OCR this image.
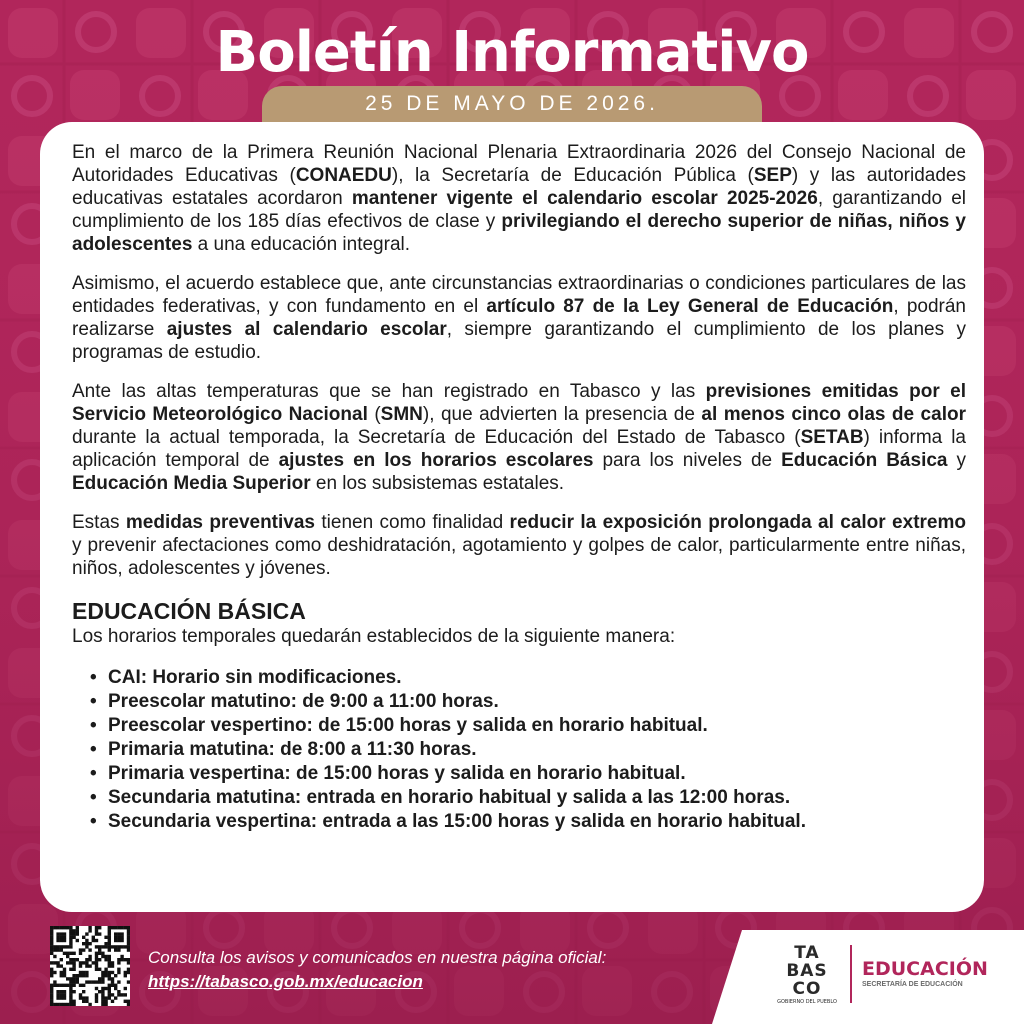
Boletín Informativo
25 DE MAYO DE 2026.

En el marco de la Primera Reunión Nacional Plenaria Extraordinaria 2026 del Consejo Nacional de Autoridades Educativas (CONAEDU), la Secretaría de Educación Pública (SEP) y las autoridades educativas estatales acordaron mantener vigente el calendario escolar 2025-2026, garantizando el cumplimiento de los 185 días efectivos de clase y privilegiando el derecho superior de niñas, niños y adolescentes a una educación integral.

Asimismo, el acuerdo establece que, ante circunstancias extraordinarias o condiciones particulares de las entidades federativas, y con fundamento en el artículo 87 de la Ley General de Educación, podrán realizarse ajustes al calendario escolar, siempre garantizando el cumplimiento de los planes y programas de estudio.

Ante las altas temperaturas que se han registrado en Tabasco y las previsiones emitidas por el Servicio Meteorológico Nacional (SMN), que advierten la presencia de al menos cinco olas de calor durante la actual temporada, la Secretaría de Educación del Estado de Tabasco (SETAB) informa la aplicación temporal de ajustes en los horarios escolares para los niveles de Educación Básica y Educación Media Superior en los subsistemas estatales.

Estas medidas preventivas tienen como finalidad reducir la exposición prolongada al calor extremo y prevenir afectaciones como deshidratación, agotamiento y golpes de calor, particularmente entre niñas, niños, adolescentes y jóvenes.

EDUCACIÓN BÁSICA

Los horarios temporales quedarán establecidos de la siguiente manera:

• CAI: Horario sin modificaciones.
• Preescolar matutino: de 9:00 a 11:00 horas.
• Preescolar vespertino: de 15:00 horas y salida en horario habitual.
• Primaria matutina: de 8:00 a 11:30 horas.
• Primaria vespertina: de 15:00 horas y salida en horario habitual.
• Secundaria matutina: entrada en horario habitual y salida a las 12:00 horas.
• Secundaria vespertina: entrada a las 15:00 horas y salida en horario habitual.
Consulta los avisos y comunicados en nuestra página oficial:
https://tabasco.gob.mx/educacion
TA
BAS
CO
GOBIERNO DEL PUEBLO
EDUCACIÓN
SECRETARÍA DE EDUCACIÓN
